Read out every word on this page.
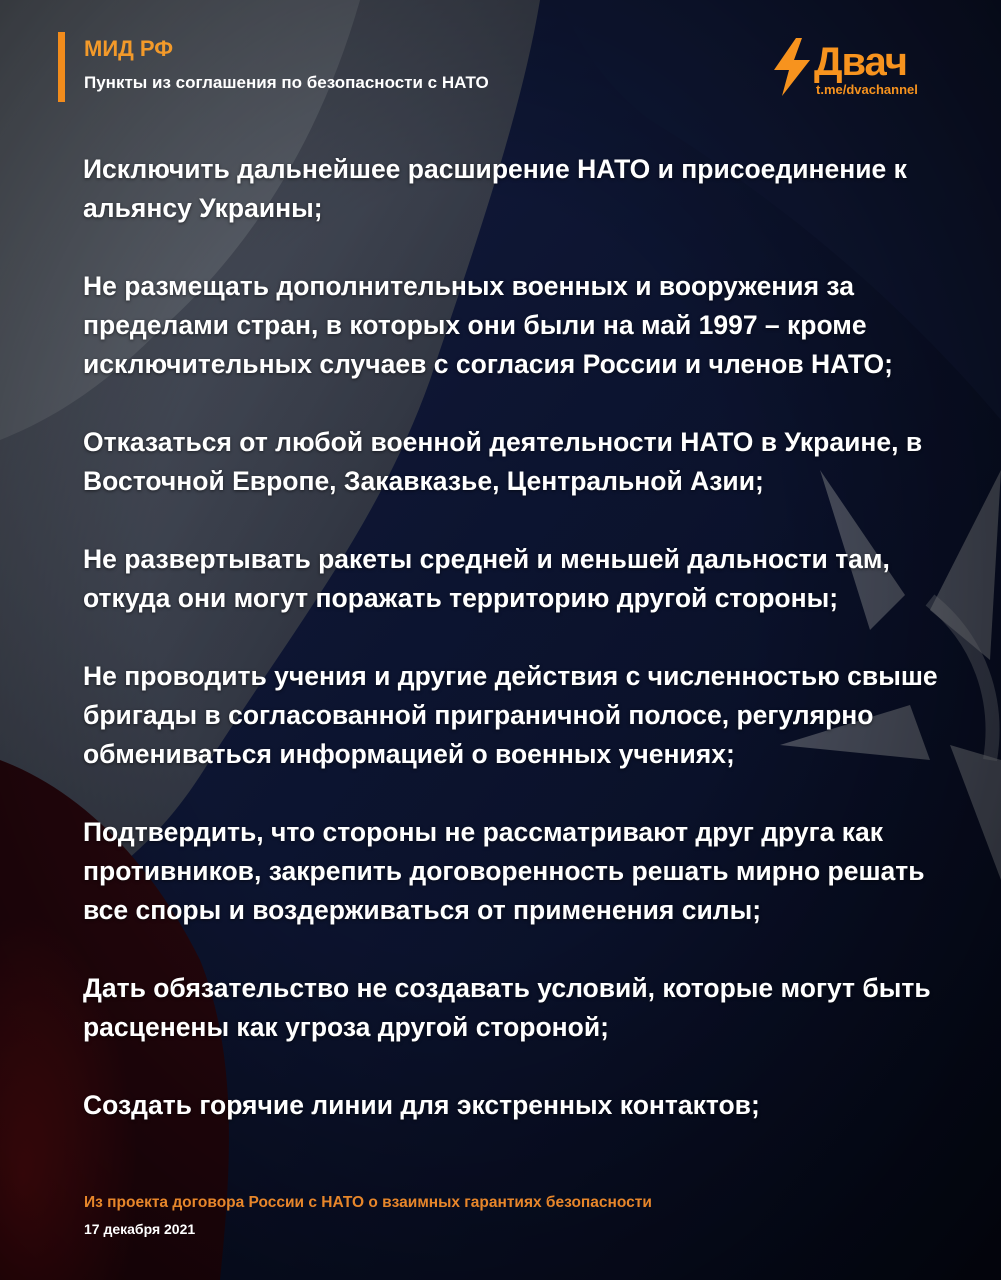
МИД РФ
Пункты из соглашения по безопасности с НАТО	Двач
t.me/dvachannel

Исключить дальнейшее расширение НАТО и присоединение к альянсу Украины;

Не размещать дополнительных военных и вооружения за пределами стран, в которых они были на май 1997 – кроме исключительных случаев с согласия России и членов НАТО;

Отказаться от любой военной деятельности НАТО в Украине, в Восточной Европе, Закавказье, Центральной Азии;

Не развертывать ракеты средней и меньшей дальности там, откуда они могут поражать территорию другой стороны;

Не проводить учения и другие действия с численностью свыше бригады в согласованной приграничной полосе, регулярно обмениваться информацией о военных учениях;

Подтвердить, что стороны не рассматривают друг друга как противников, закрепить договоренность решать мирно решать все споры и воздерживаться от применения силы;

Дать обязательство не создавать условий, которые могут быть расценены как угроза другой стороной;

Создать горячие линии для экстренных контактов;

Из проекта договора России с НАТО о взаимных гарантиях безопасности
17 декабря 2021
